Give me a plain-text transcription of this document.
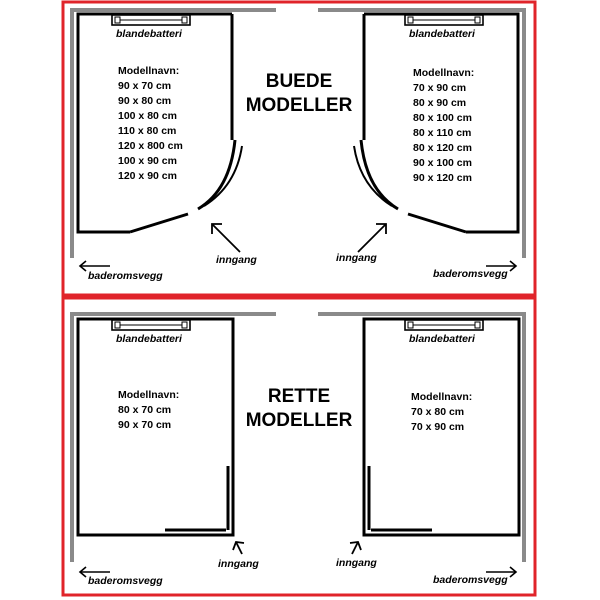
blandebatteri	blandebatteri
Modellnavn:
90 x 70 cm
90 x 80 cm
100 x 80 cm
110 x 80 cm
120 x 800 cm
100 x 90 cm
120 x 90 cm
Modellnavn:
70 x 90 cm
80 x 90 cm
80 x 100 cm
80 x 110 cm
80 x 120 cm
90 x 100 cm
90 x 120 cm
BUEDE
MODELLER
inngang	inngang
baderomsvegg	baderomsvegg
blandebatteri	blandebatteri
Modellnavn:
80 x 70 cm
90 x 70 cm
Modellnavn:
70 x 80 cm
70 x 90 cm
RETTE
MODELLER
inngang	inngang
baderomsvegg	baderomsvegg
